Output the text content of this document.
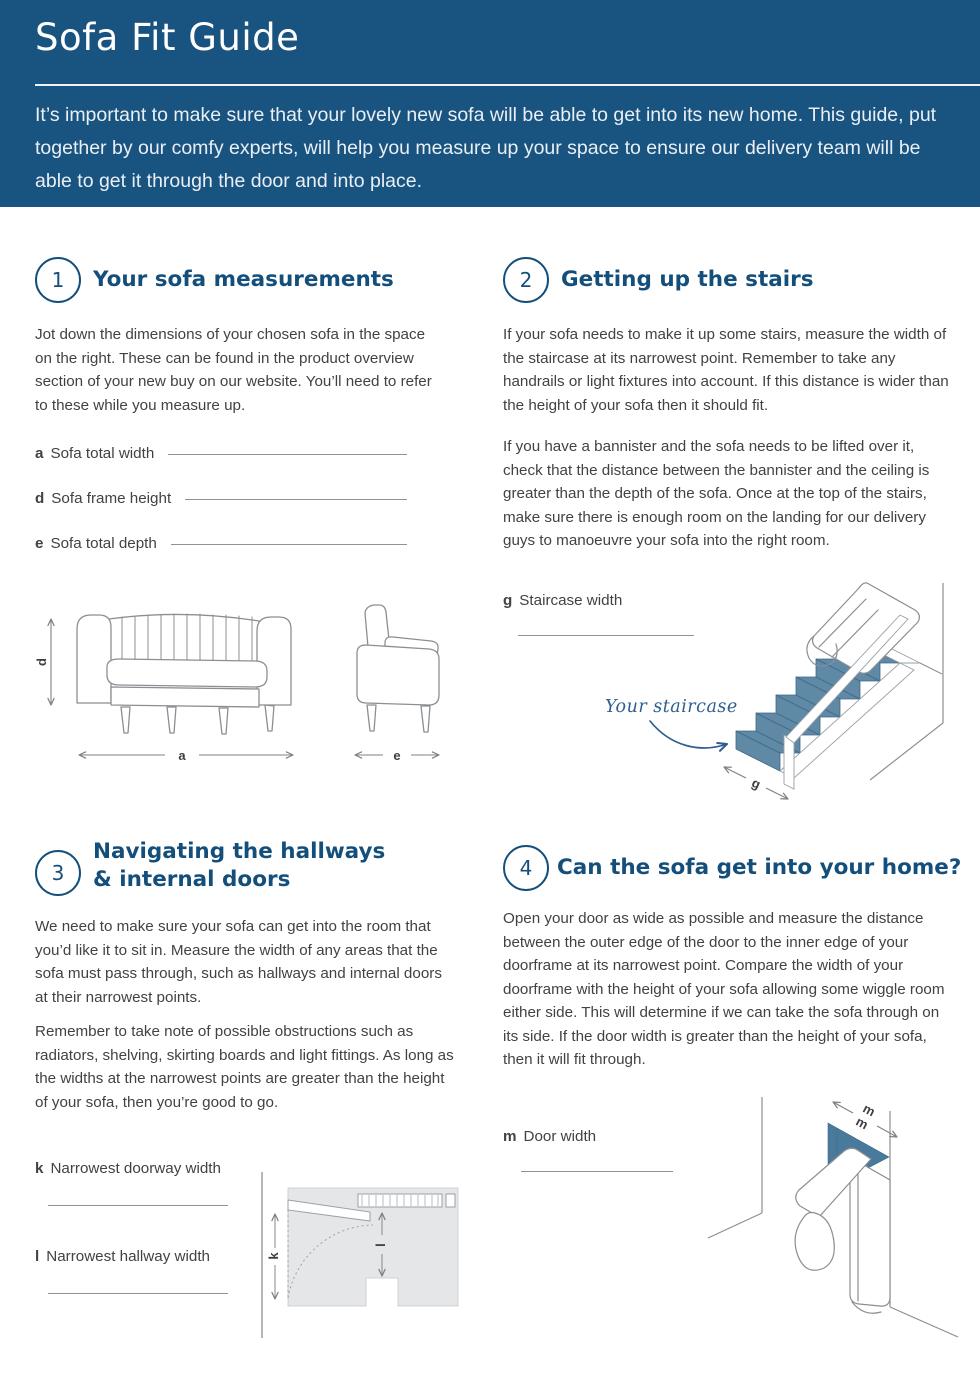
Sofa Fit Guide

It’s important to make sure that your lovely new sofa will be able to get into its new home. This guide, put together by our comfy experts, will help you measure up your space to ensure our delivery team will be able to get it through the door and into place.

1 Your sofa measurements

Jot down the dimensions of your chosen sofa in the space on the right. These can be found in the product overview section of your new buy on our website. You’ll need to refer to these while you measure up.

a Sofa total width
d Sofa frame height
e Sofa total depth
d
a	e
2 Getting up the stairs

If your sofa needs to make it up some stairs, measure the width of the staircase at its narrowest point. Remember to take any handrails or light fixtures into account. If this distance is wider than the height of your sofa then it should fit.

If you have a bannister and the sofa needs to be lifted over it, check that the distance between the bannister and the ceiling is greater than the depth of the sofa. Once at the top of the stairs, make sure there is enough room on the landing for our delivery guys to manoeuvre your sofa into the right room.

g Staircase width
Your staircase
g
3
Navigating the hallways
& internal doors

We need to make sure your sofa can get into the room that you’d like it to sit in. Measure the width of any areas that the sofa must pass through, such as hallways and internal doors at their narrowest points.

Remember to take note of possible obstructions such as radiators, shelving, skirting boards and light fittings. As long as the widths at the narrowest points are greater than the height of your sofa, then you’re good to go.

k Narrowest doorway width
l Narrowest hallway width	k
l
4 Can the sofa get into your home?

Open your door as wide as possible and measure the distance between the outer edge of the door to the inner edge of your doorframe at its narrowest point. Compare the width of your doorframe with the height of your sofa allowing some wiggle room either side. This will determine if we can take the sofa through on its side. If the door width is greater than the height of your sofa, then it will fit through.

m Door width
m
m
